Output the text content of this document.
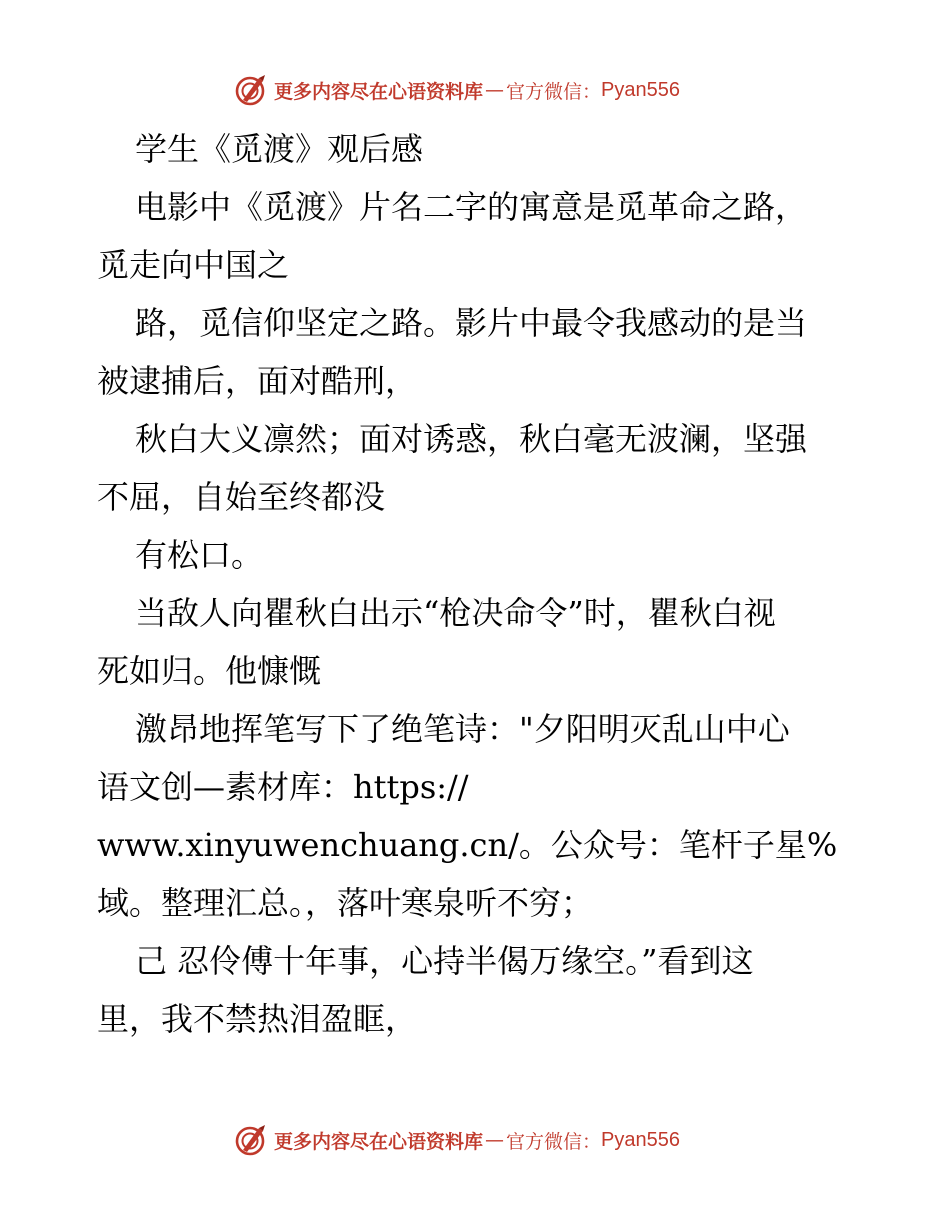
更多内容尽在心语资料库 — 官方微信： Pyan556
学生《觅渡》观后感
电影中《觅渡》片名二字的寓意是觅革命之路，
觅走向中国之
路，觅信仰坚定之路。影片中最令我感动的是当
被逮捕后，面对酷刑，
秋白大义凛然；面对诱惑，秋白毫无波澜，坚强
不屈，自始至终都没
有松口。
当敌人向瞿秋白出示“枪决命令”时，瞿秋白视
死如归。他慷慨
激昂地挥笔写下了绝笔诗："夕阳明灭乱山中心
语文创—素材库：https://
www.xinyuwenchuang.cn/。公众号：笔杆子星%
域。整理汇总。，落叶寒泉听不穷；
己 忍伶傅十年事，心持半偈万缘空。”看到这
里，我不禁热泪盈眶，
更多内容尽在心语资料库 — 官方微信： Pyan556
